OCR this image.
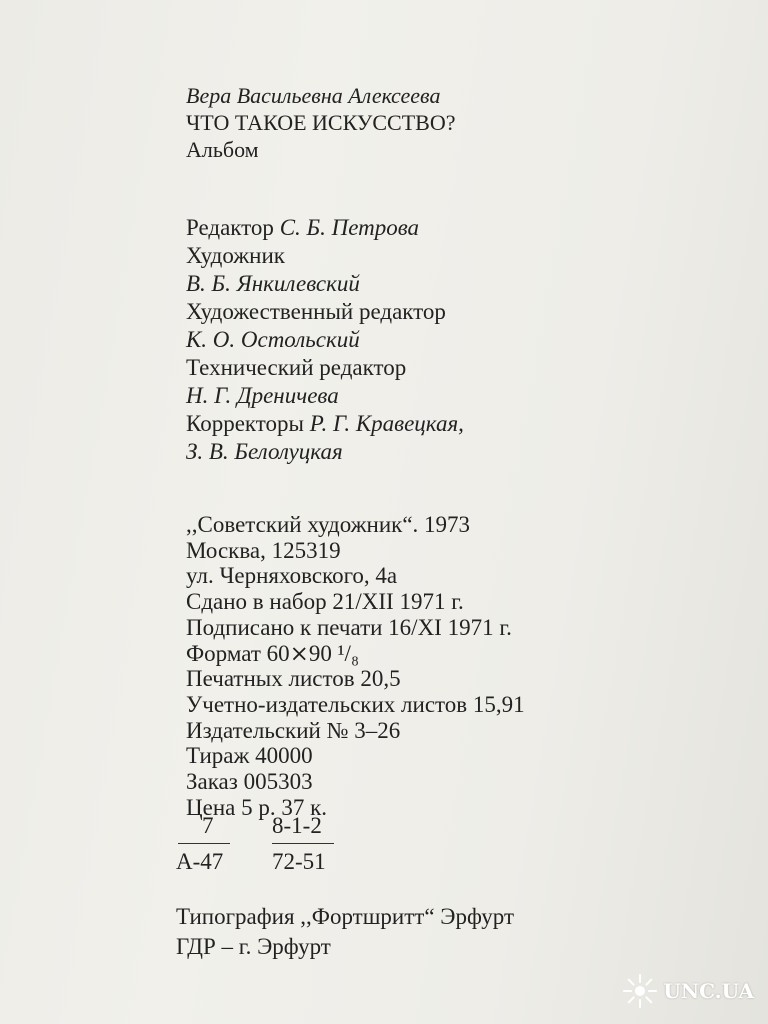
Вера Васильевна Алексеева

ЧТО ТАКОЕ ИСКУССТВО?

Альбом

Редактор С. Б. Петрова

Художник

В. Б. Янкилевский

Художественный редактор

К. О. Остольский

Технический редактор

Н. Г. Дреничева

Корректоры Р. Г. Кравецкая,

З. В. Белолуцкая

,,Советский художник“. 1973

Москва, 125319

ул. Черняховского, 4а

Сдано в набор 21/XII 1971 г.

Подписано к печати 16/XI 1971 г.

Формат 60⨯90 ¹/₈

Печатных листов 20,5

Учетно-издательских листов 15,91

Издательский № 3–26

Тираж 40000

Заказ 005303

Цена 5 р. 37 к.

7	8-1-2
А-47 72-51

Типография ,,Фортшритт“ Эрфурт

ГДР – г. Эрфурт

UNC.UA
